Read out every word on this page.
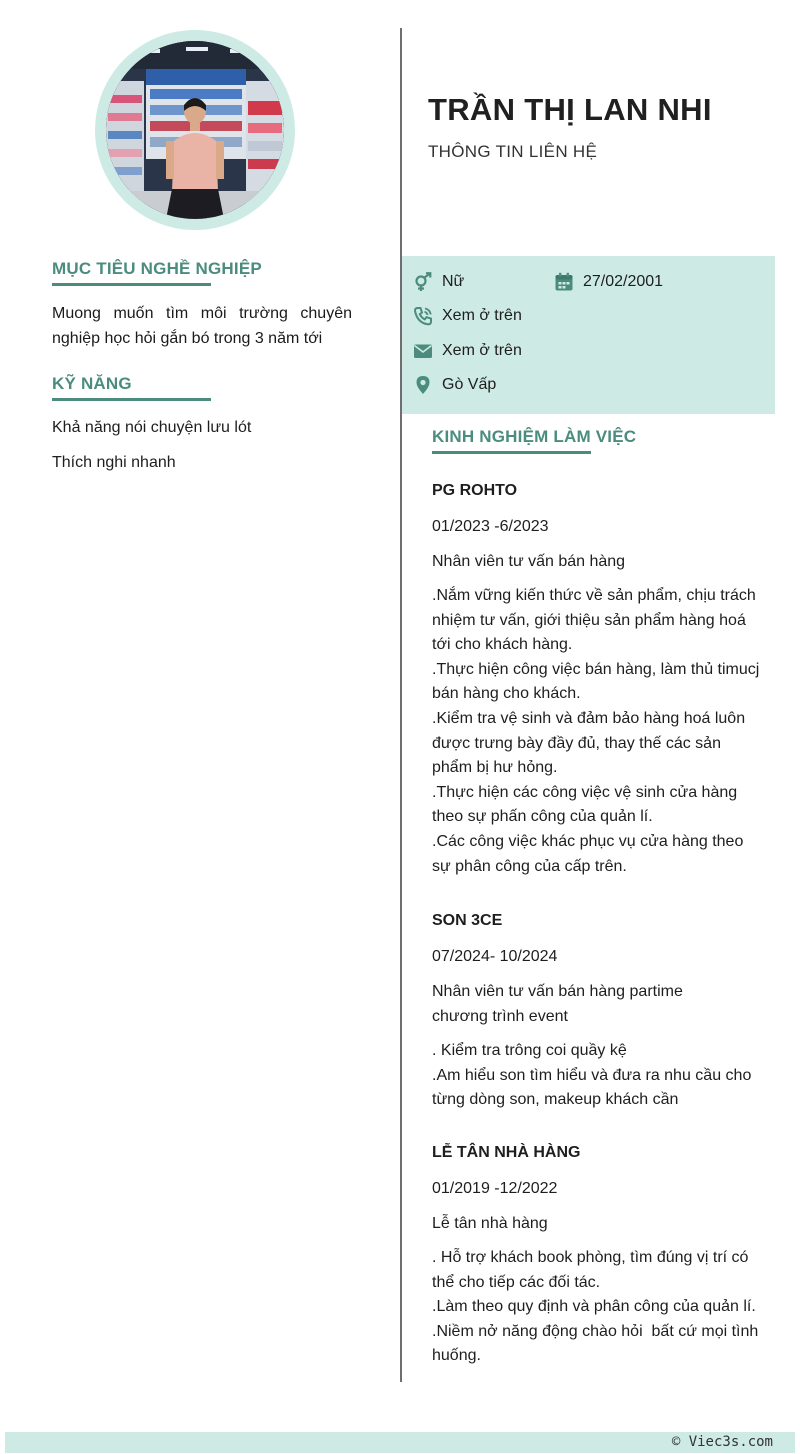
MỤC TIÊU NGHỀ NGHIỆP
Muong muốn tìm môi trường chuyên nghiệp học hỏi gắn bó trong 3 năm tới
KỸ NĂNG
Khả năng nói chuyện lưu lót
Thích nghi nhanh
TRẦN THỊ LAN NHI
THÔNG TIN LIÊN HỆ
Nữ	27/02/2001
Xem ở trên
Xem ở trên
Gò Vấp
KINH NGHIỆM LÀM VIỆC
PG ROHTO
01/2023 -6/2023
Nhân viên tư vấn bán hàng
.Nắm vững kiến thức về sản phẩm, chịu trách nhiệm tư vấn, giới thiệu sản phẩm hàng hoá tới cho khách hàng.
.Thực hiện công việc bán hàng, làm thủ timucj bán hàng cho khách.
.Kiểm tra vệ sinh và đảm bảo hàng hoá luôn được trưng bày đầy đủ, thay thế các sản phẩm bị hư hỏng.
.Thực hiện các công việc vệ sinh cửa hàng theo sự phấn công của quản lí.
.Các công việc khác phục vụ cửa hàng theo sự phân công của cấp trên.
SON 3CE
07/2024- 10/2024
Nhân viên tư vấn bán hàng partime chương trình event
. Kiểm tra trông coi quầy kệ
.Am hiểu son tìm hiểu và đưa ra nhu cầu cho từng dòng son, makeup khách cần
LỄ TÂN NHÀ HÀNG
01/2019 -12/2022
Lễ tân nhà hàng
. Hỗ trợ khách book phòng, tìm đúng vị trí có thể cho tiếp các đối tác.
.Làm theo quy định và phân công của quản lí.
.Niềm nở năng động chào hỏi  bất cứ mọi tình huống.
© Viec3s.com
